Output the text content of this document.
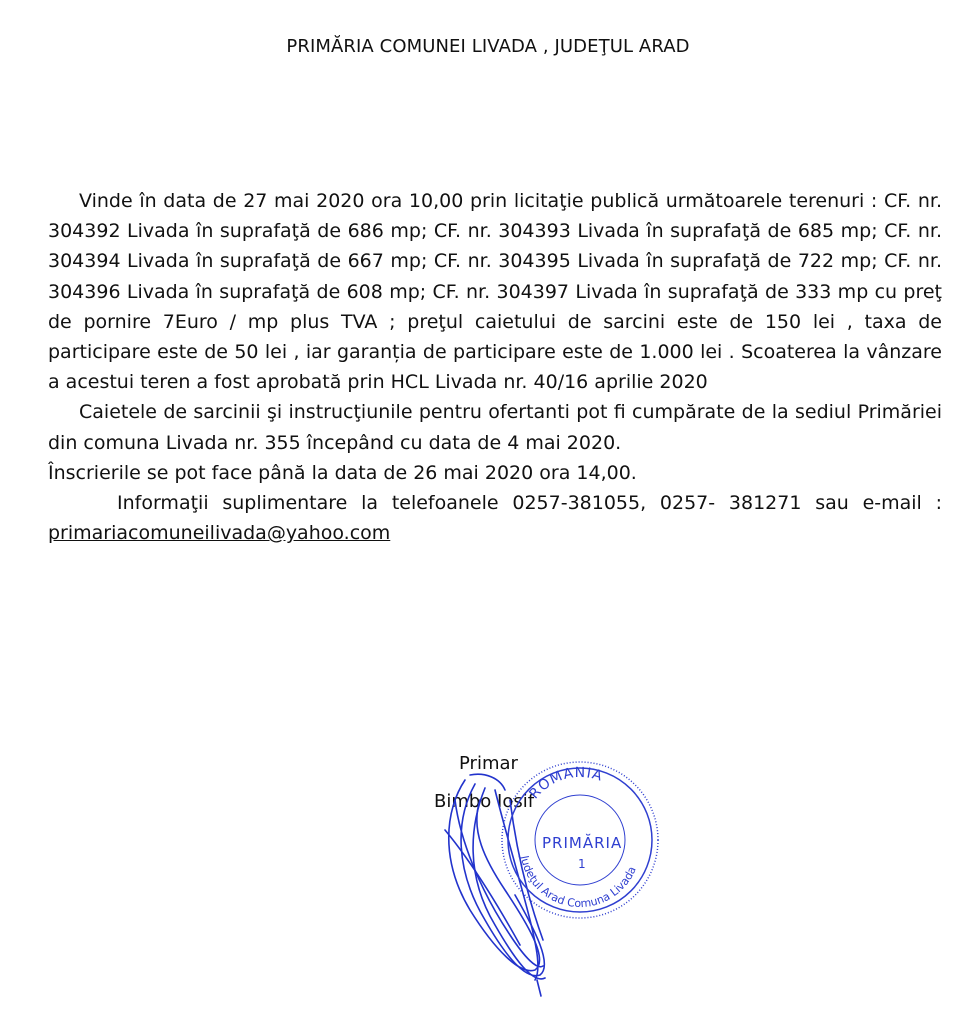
PRIMĂRIA COMUNEI LIVADA , JUDEŢUL ARAD

Vinde în data de 27 mai 2020 ora 10,00 prin licitaţie publică următoarele terenuri : CF. nr. 304392 Livada în suprafaţă de 686 mp; CF. nr. 304393 Livada în suprafaţă de 685 mp; CF. nr. 304394 Livada în suprafaţă de 667 mp; CF. nr. 304395 Livada în suprafaţă de 722 mp; CF. nr. 304396 Livada în suprafaţă de 608 mp; CF. nr. 304397 Livada în suprafaţă de 333 mp cu preţ de pornire 7Euro / mp plus TVA ; preţul caietului de sarcini este de 150 lei , taxa de participare este de 50 lei , iar garanția de participare este de 1.000 lei . Scoaterea la vânzare a acestui teren a fost aprobată prin HCL Livada nr. 40/16 aprilie 2020

Caietele de sarcinii şi instrucţiunile pentru ofertanti pot fi cumpărate de la sediul Primăriei din comuna Livada nr. 355 începând cu data de 4 mai 2020.

Înscrierile se pot face până la data de 26 mai 2020 ora 14,00.

Informaţii suplimentare la telefoanele 0257-381055, 0257- 381271 sau e-mail : primariacomuneilivada@yahoo.com

Primar
Bimbo Iosif
ROMANIA
Judeţul Arad Comuna Livada
PRIMĂRIA
1
